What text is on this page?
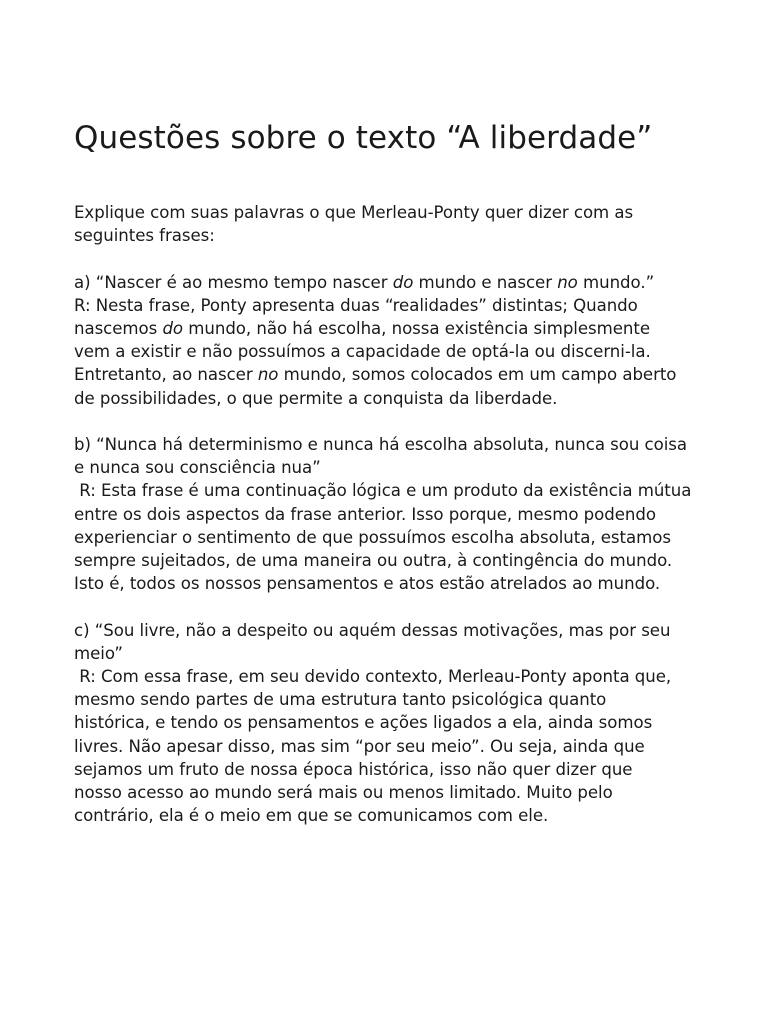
Questões sobre o texto “A liberdade”

Explique com suas palavras o que Merleau-Ponty quer dizer com as
seguintes frases:

a) “Nascer é ao mesmo tempo nascer do mundo e nascer no mundo.”
R: Nesta frase, Ponty apresenta duas “realidades” distintas; Quando
nascemos do mundo, não há escolha, nossa existência simplesmente
vem a existir e não possuímos a capacidade de optá-la ou discerni-la.
Entretanto, ao nascer no mundo, somos colocados em um campo aberto
de possibilidades, o que permite a conquista da liberdade.

b) “Nunca há determinismo e nunca há escolha absoluta, nunca sou coisa
e nunca sou consciência nua”
R: Esta frase é uma continuação lógica e um produto da existência mútua
entre os dois aspectos da frase anterior. Isso porque, mesmo podendo
experienciar o sentimento de que possuímos escolha absoluta, estamos
sempre sujeitados, de uma maneira ou outra, à contingência do mundo.
Isto é, todos os nossos pensamentos e atos estão atrelados ao mundo.

c) “Sou livre, não a despeito ou aquém dessas motivações, mas por seu
meio”
R: Com essa frase, em seu devido contexto, Merleau-Ponty aponta que,
mesmo sendo partes de uma estrutura tanto psicológica quanto
histórica, e tendo os pensamentos e ações ligados a ela, ainda somos
livres. Não apesar disso, mas sim “por seu meio”. Ou seja, ainda que
sejamos um fruto de nossa época histórica, isso não quer dizer que
nosso acesso ao mundo será mais ou menos limitado. Muito pelo
contrário, ela é o meio em que se comunicamos com ele.
